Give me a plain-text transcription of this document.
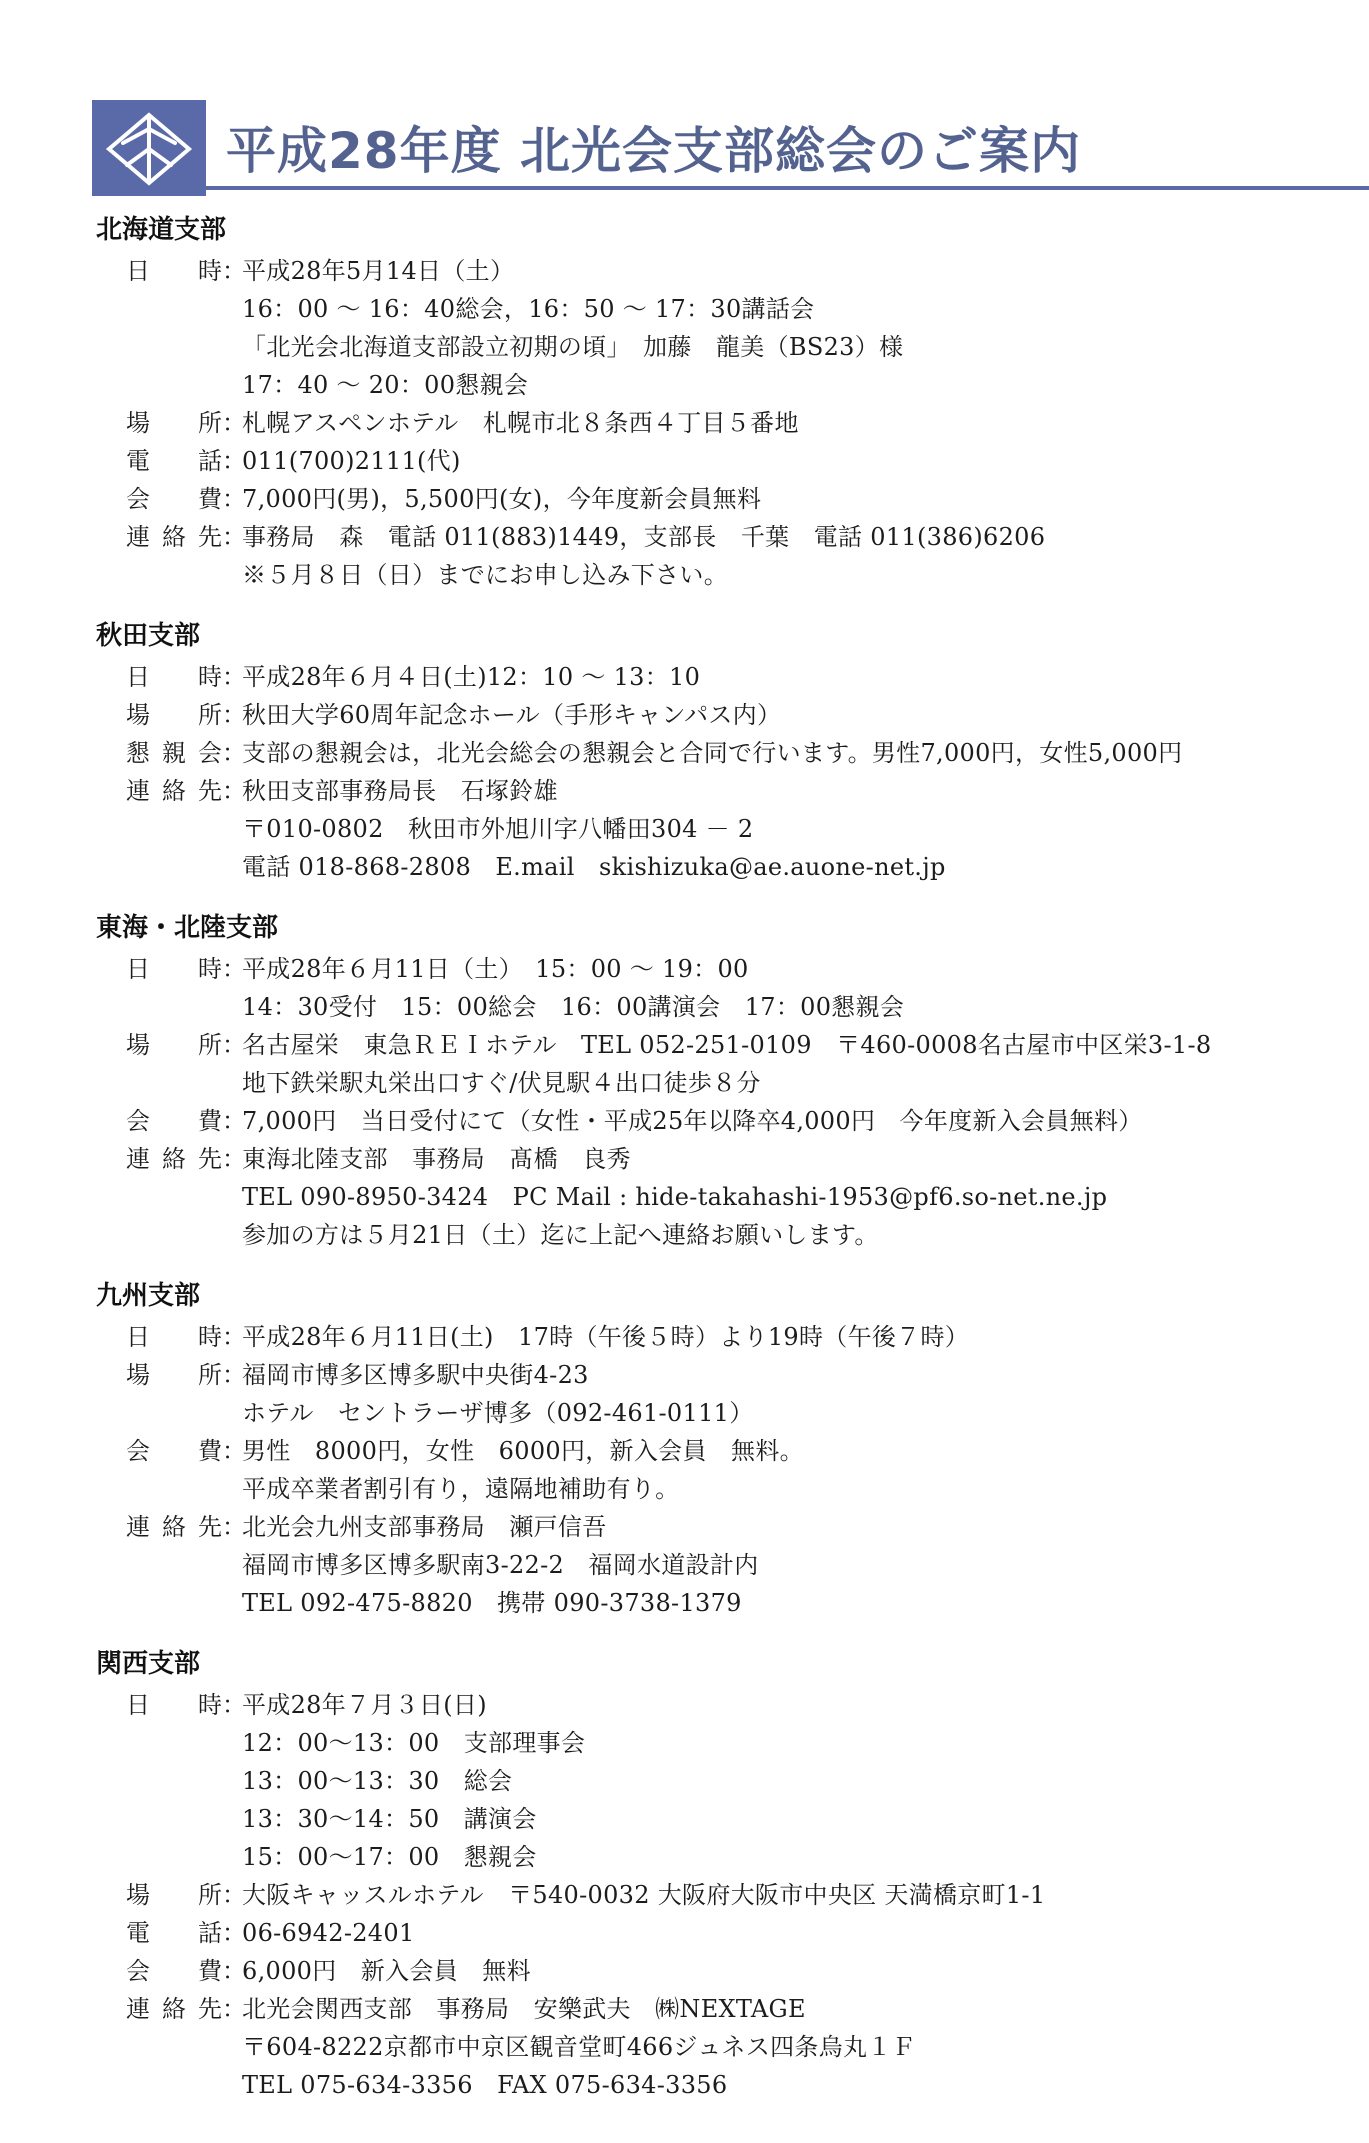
平成28年度 北光会支部総会のご案内
北海道支部
日時 ：
平成28年5月14日（土）
16：00 ～ 16：40総会，16：50 ～ 17：30講話会
「北光会北海道支部設立初期の頃」　加藤　龍美（BS23）様
17：40 ～ 20：00懇親会
場所 ：
札幌アスペンホテル　札幌市北８条西４丁目５番地
電話 ：
011(700)2111(代)
会費 ：
7,000円(男)，5,500円(女)，今年度新会員無料
連絡先 ：
事務局　森　電話 011(883)1449，支部長　千葉　電話 011(386)6206
※５月８日（日）までにお申し込み下さい。
秋田支部
日時 ：
平成28年６月４日(土)12：10 ～ 13：10
場所 ：
秋田大学60周年記念ホール（手形キャンパス内）
懇親会 ：
支部の懇親会は，北光会総会の懇親会と合同で行います。男性7,000円，女性5,000円
連絡先 ：
秋田支部事務局長　石塚鈴雄
〒010-0802　秋田市外旭川字八幡田304 － 2
電話 018-868-2808　E.mail　skishizuka@ae.auone-net.jp
東海・北陸支部
日時 ：
平成28年６月11日（土）　15：00 ～ 19：00
14：30受付　15：00総会　16：00講演会　17：00懇親会
場所 ：
名古屋栄　東急ＲＥＩホテル　TEL 052-251-0109　〒460-0008名古屋市中区栄3-1-8
地下鉄栄駅丸栄出口すぐ/伏見駅４出口徒歩８分
会費 ：
7,000円　当日受付にて（女性・平成25年以降卒4,000円　今年度新入会員無料）
連絡先 ：
東海北陸支部　事務局　髙橋　良秀
TEL 090-8950-3424　PC Mail : hide-takahashi-1953@pf6.so-net.ne.jp
参加の方は５月21日（土）迄に上記へ連絡お願いします。
九州支部
日時 ：
平成28年６月11日(土)　17時（午後５時）より19時（午後７時）
場所 ：
福岡市博多区博多駅中央街4-23
ホテル　セントラーザ博多（092-461-0111）
会費 ：
男性　8000円，女性　6000円，新入会員　無料。
平成卒業者割引有り，遠隔地補助有り。
連絡先 ：
北光会九州支部事務局　瀬戸信吾
福岡市博多区博多駅南3-22-2　福岡水道設計内
TEL 092-475-8820　携帯 090-3738-1379
関西支部
日時 ：
平成28年７月３日(日)
12：00～13：00　支部理事会
13：00～13：30　総会
13：30～14：50　講演会
15：00～17：00　懇親会
場所 ：
大阪キャッスルホテル　〒540-0032 大阪府大阪市中央区 天満橋京町1-1
電話 ：
06-6942-2401
会費 ：
6,000円　新入会員　無料
連絡先 ：
北光会関西支部　事務局　安樂武夫　㈱NEXTAGE
〒604-8222京都市中京区観音堂町466ジュネス四条烏丸１Ｆ
TEL 075-634-3356　FAX 075-634-3356
